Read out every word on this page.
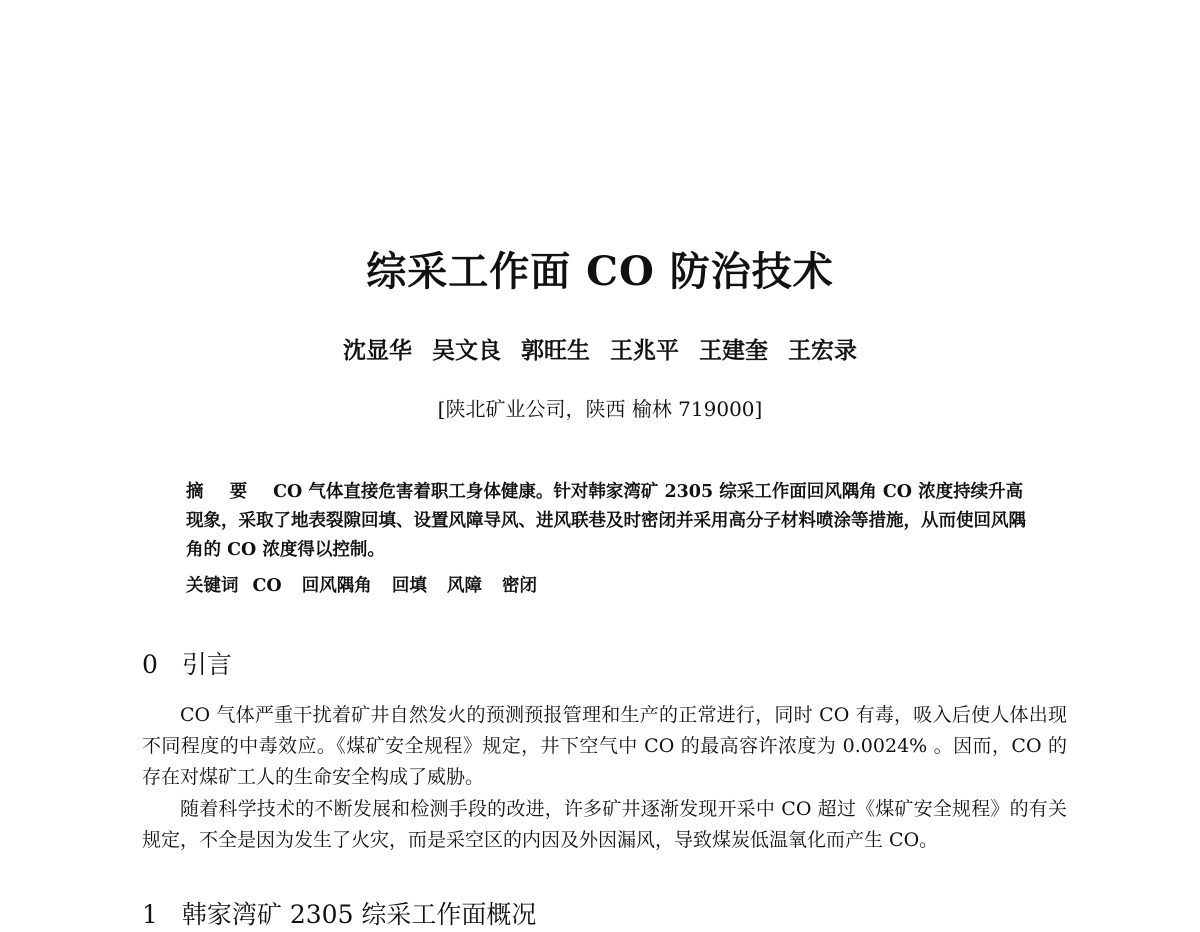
综采工作面 CO 防治技术
沈显华 吴文良 郭旺生 王兆平 王建奎 王宏录
[陕北矿业公司，陕西 榆林 719000]
摘 要 CO 气体直接危害着职工身体健康。针对韩家湾矿 2305 综采工作面回风隅角 CO 浓度持续升高现象，采取了地表裂隙回填、设置风障导风、进风联巷及时密闭并采用高分子材料喷涂等措施，从而使回风隅角的 CO 浓度得以控制。
关键词 CO 回风隅角 回填 风障 密闭
0 引言
CO 气体严重干扰着矿井自然发火的预测预报管理和生产的正常进行，同时 CO 有毒，吸入后使人体出现不同程度的中毒效应。《煤矿安全规程》规定，井下空气中 CO 的最高容许浓度为 0.0024% 。因而，CO 的存在对煤矿工人的生命安全构成了威胁。
随着科学技术的不断发展和检测手段的改进，许多矿井逐渐发现开采中 CO 超过《煤矿安全规程》的有关规定，不全是因为发生了火灾，而是采空区的内因及外因漏风，导致煤炭低温氧化而产生 CO。
1 韩家湾矿 2305 综采工作面概况
